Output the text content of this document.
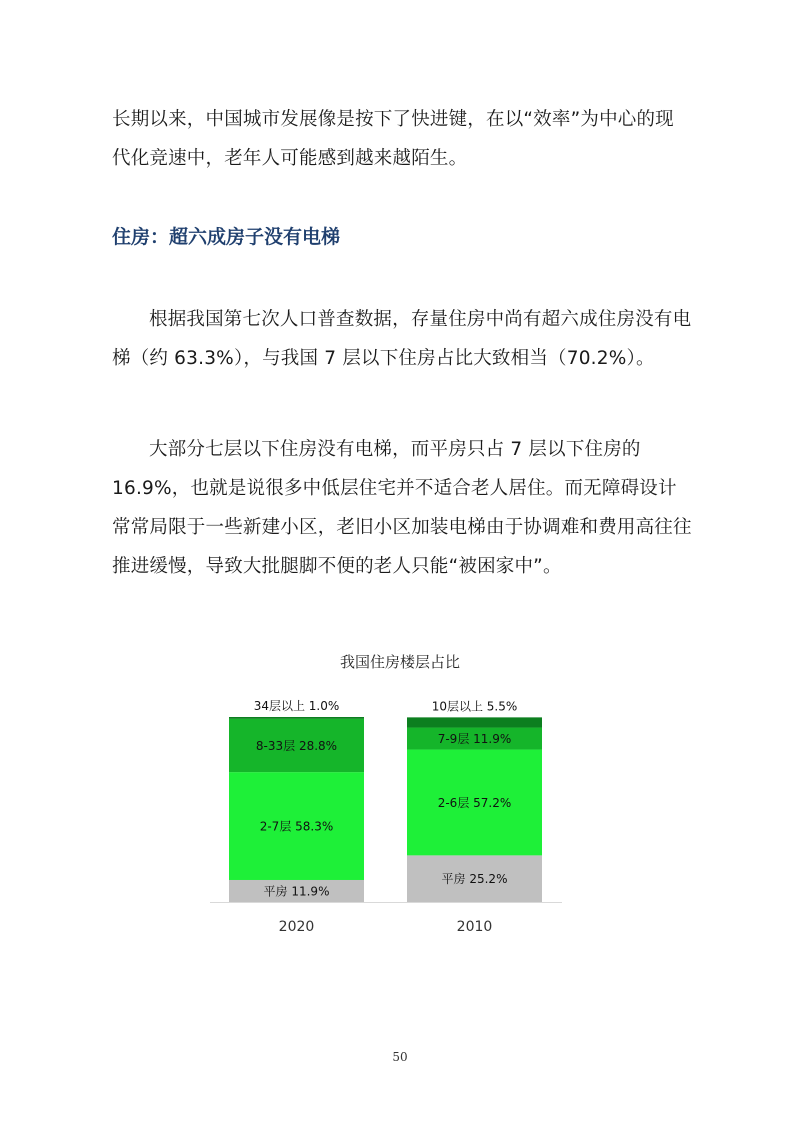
长期以来，中国城市发展像是按下了快进键，在以“效率”为中心的现代化竞速中，老年人可能感到越来越陌生。
住房：超六成房子没有电梯
根据我国第七次人口普查数据，存量住房中尚有超六成住房没有电梯（约 63.3%），与我国 7 层以下住房占比大致相当（70.2%）。
大部分七层以下住房没有电梯，而平房只占 7 层以下住房的 16.9%，也就是说很多中低层住宅并不适合老人居住。而无障碍设计常常局限于一些新建小区，老旧小区加装电梯由于协调难和费用高往往推进缓慢，导致大批腿脚不便的老人只能“被困家中”。
我国住房楼层占比
平房 11.9%
2-7层 58.3%
8-33层 28.8%
34层以上 1.0%
2020
平房 25.2%
2-6层 57.2%
7-9层 11.9%
10层以上 5.5%
2010
50
